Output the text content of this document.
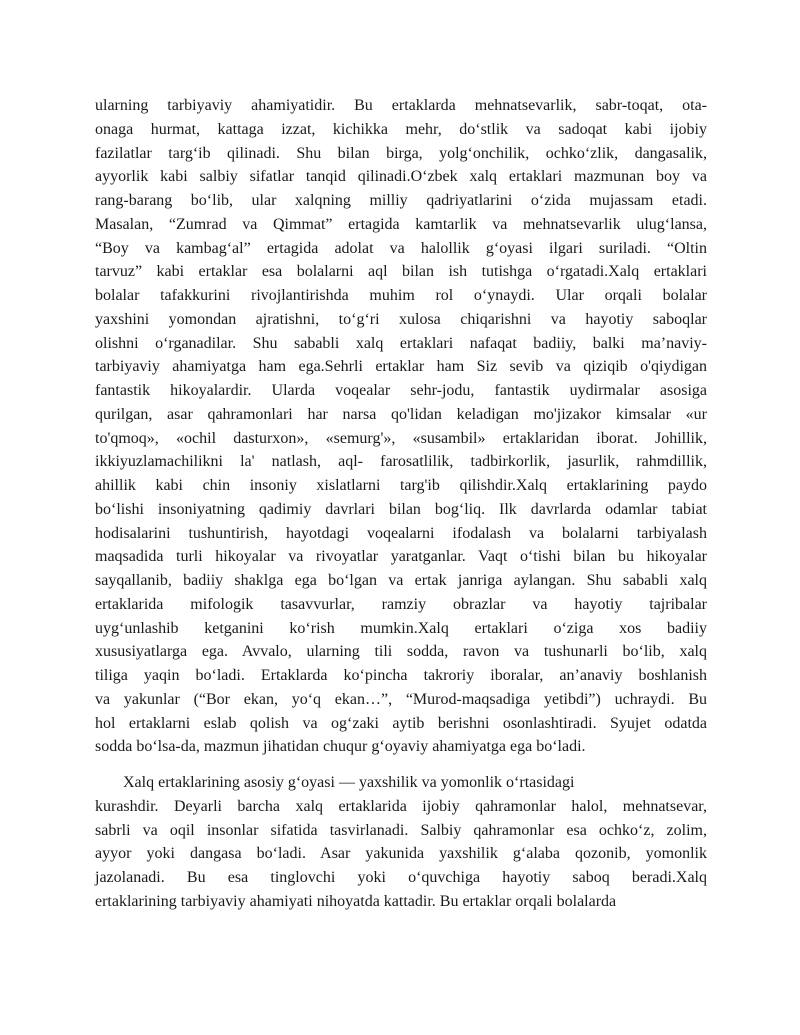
ularning tarbiyaviy ahamiyatidir. Bu ertaklarda mehnatsevarlik, sabr-toqat, ota-
onaga hurmat, kattaga izzat, kichikka mehr, do‘stlik va sadoqat kabi ijobiy
fazilatlar targ‘ib qilinadi. Shu bilan birga, yolg‘onchilik, ochko‘zlik, dangasalik,
ayyorlik kabi salbiy sifatlar tanqid qilinadi.O‘zbek xalq ertaklari mazmunan boy va
rang-barang bo‘lib, ular xalqning milliy qadriyatlarini o‘zida mujassam etadi.
Masalan, “Zumrad va Qimmat” ertagida kamtarlik va mehnatsevarlik ulug‘lansa,
“Boy va kambag‘al” ertagida adolat va halollik g‘oyasi ilgari suriladi. “Oltin
tarvuz” kabi ertaklar esa bolalarni aql bilan ish tutishga o‘rgatadi.Xalq ertaklari
bolalar tafakkurini rivojlantirishda muhim rol o‘ynaydi. Ular orqali bolalar
yaxshini yomondan ajratishni, to‘g‘ri xulosa chiqarishni va hayotiy saboqlar
olishni o‘rganadilar. Shu sababli xalq ertaklari nafaqat badiiy, balki ma’naviy-
tarbiyaviy ahamiyatga ham ega.Sehrli ertaklar ham Siz sevib va qiziqib o'qiydigan
fantastik hikoyalardir. Ularda voqealar sehr-jodu, fantastik uydirmalar asosiga
qurilgan, asar qahramonlari har narsa qo'lidan keladigan mo'jizakor kimsalar «ur
to'qmoq», «ochil dasturxon», «semurg'», «susambil» ertaklaridan iborat. Johillik,
ikkiyuzlamachilikni la' natlash, aql- farosatlilik, tadbirkorlik, jasurlik, rahmdillik,
ahillik kabi chin insoniy xislatlarni targ'ib qilishdir.Xalq ertaklarining paydo
bo‘lishi insoniyatning qadimiy davrlari bilan bog‘liq. Ilk davrlarda odamlar tabiat
hodisalarini tushuntirish, hayotdagi voqealarni ifodalash va bolalarni tarbiyalash
maqsadida turli hikoyalar va rivoyatlar yaratganlar. Vaqt o‘tishi bilan bu hikoyalar
sayqallanib, badiiy shaklga ega bo‘lgan va ertak janriga aylangan. Shu sababli xalq
ertaklarida mifologik tasavvurlar, ramziy obrazlar va hayotiy tajribalar
uyg‘unlashib ketganini ko‘rish mumkin.Xalq ertaklari o‘ziga xos badiiy
xususiyatlarga ega. Avvalo, ularning tili sodda, ravon va tushunarli bo‘lib, xalq
tiliga yaqin bo‘ladi. Ertaklarda ko‘pincha takroriy iboralar, an’anaviy boshlanish
va yakunlar (“Bor ekan, yo‘q ekan…”, “Murod-maqsadiga yetibdi”) uchraydi. Bu
hol ertaklarni eslab qolish va og‘zaki aytib berishni osonlashtiradi. Syujet odatda
sodda bo‘lsa-da, mazmun jihatidan chuqur g‘oyaviy ahamiyatga ega bo‘ladi.
Xalq ertaklarining asosiy g‘oyasi — yaxshilik va yomonlik o‘rtasidagi
kurashdir. Deyarli barcha xalq ertaklarida ijobiy qahramonlar halol, mehnatsevar,
sabrli va oqil insonlar sifatida tasvirlanadi. Salbiy qahramonlar esa ochko‘z, zolim,
ayyor yoki dangasa bo‘ladi. Asar yakunida yaxshilik g‘alaba qozonib, yomonlik
jazolanadi. Bu esa tinglovchi yoki o‘quvchiga hayotiy saboq beradi.Xalq
ertaklarining tarbiyaviy ahamiyati nihoyatda kattadir. Bu ertaklar orqali bolalarda
